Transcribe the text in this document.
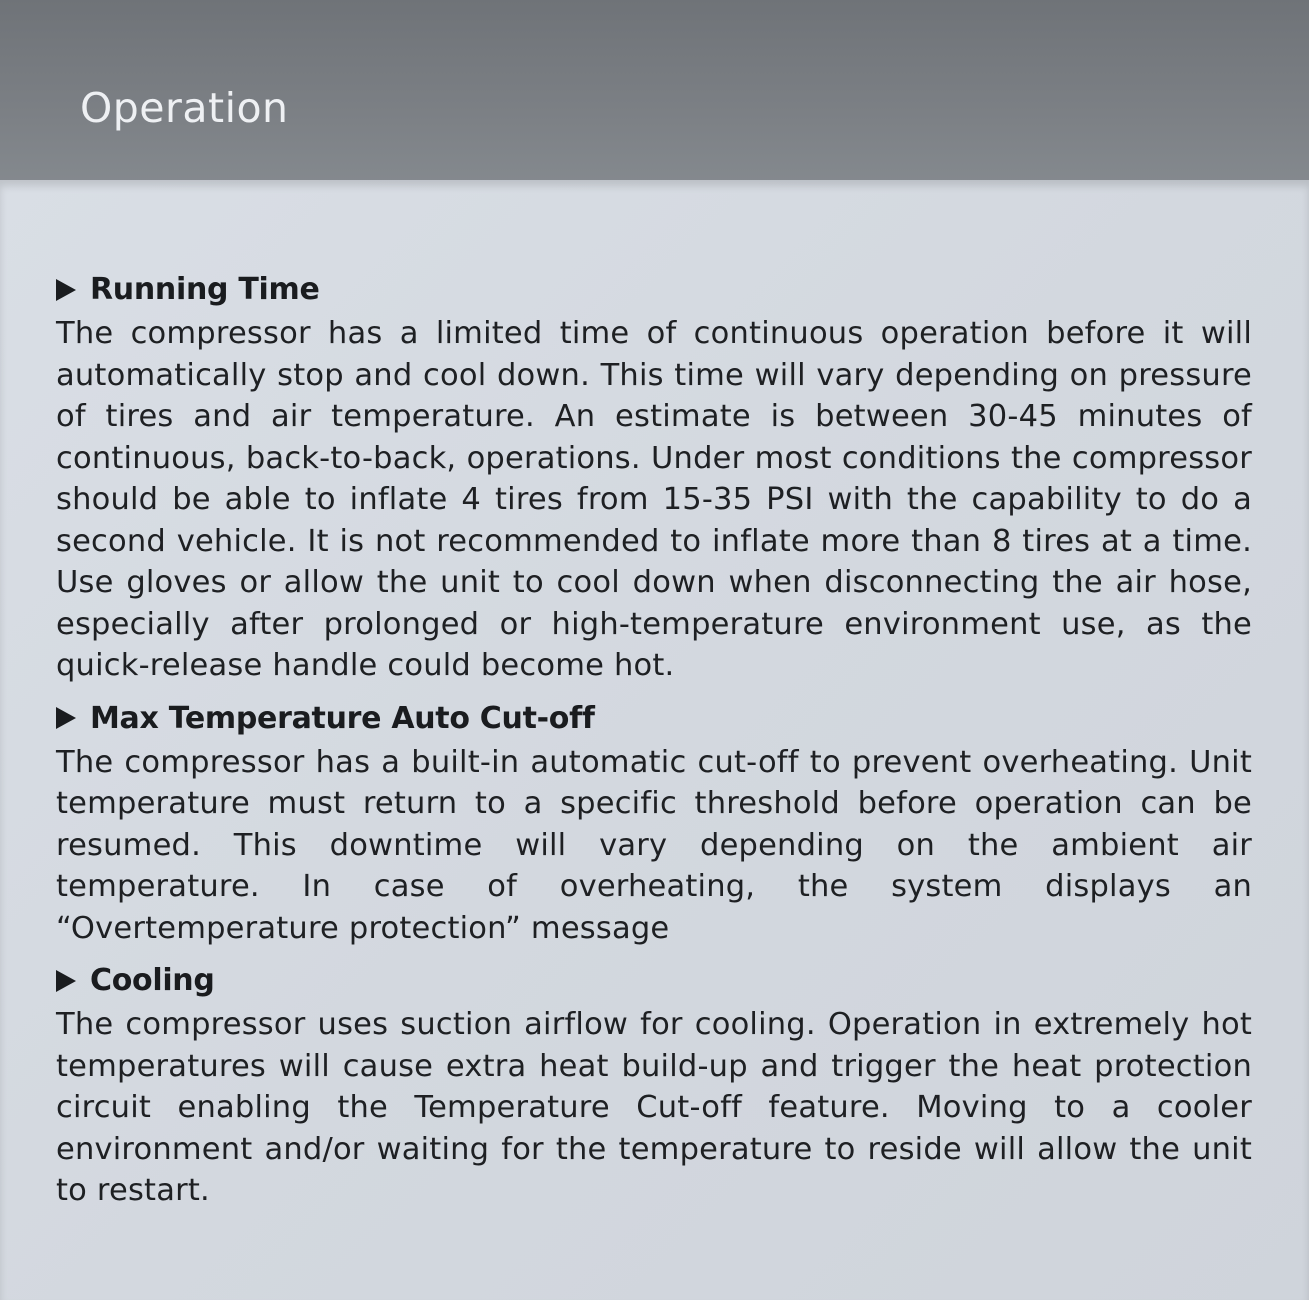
Operation
Running Time
The compressor has a limited time of continuous operation before it will automatically stop and cool down. This time will vary depending on pressure of tires and air temperature. An estimate is between 30-45 minutes of continuous, back-to-back, operations. Under most conditions the compressor should be able to inflate 4 tires from 15-35 PSI with the capability to do a second vehicle. It is not recommended to inflate more than 8 tires at a time. Use gloves or allow the unit to cool down when disconnecting the air hose, especially after prolonged or high-temperature environment use, as the quick-release handle could become hot.
Max Temperature Auto Cut-off
The compressor has a built-in automatic cut-off to prevent overheating. Unit temperature must return to a specific threshold before operation can be resumed. This downtime will vary depending on the ambient air temperature. In case of overheating, the system displays an “Overtemperature protection” message
Cooling
The compressor uses suction airflow for cooling. Operation in extremely hot temperatures will cause extra heat build-up and trigger the heat protection circuit enabling the Temperature Cut-off feature. Moving to a cooler environment and/or waiting for the temperature to reside will allow the unit to restart.
